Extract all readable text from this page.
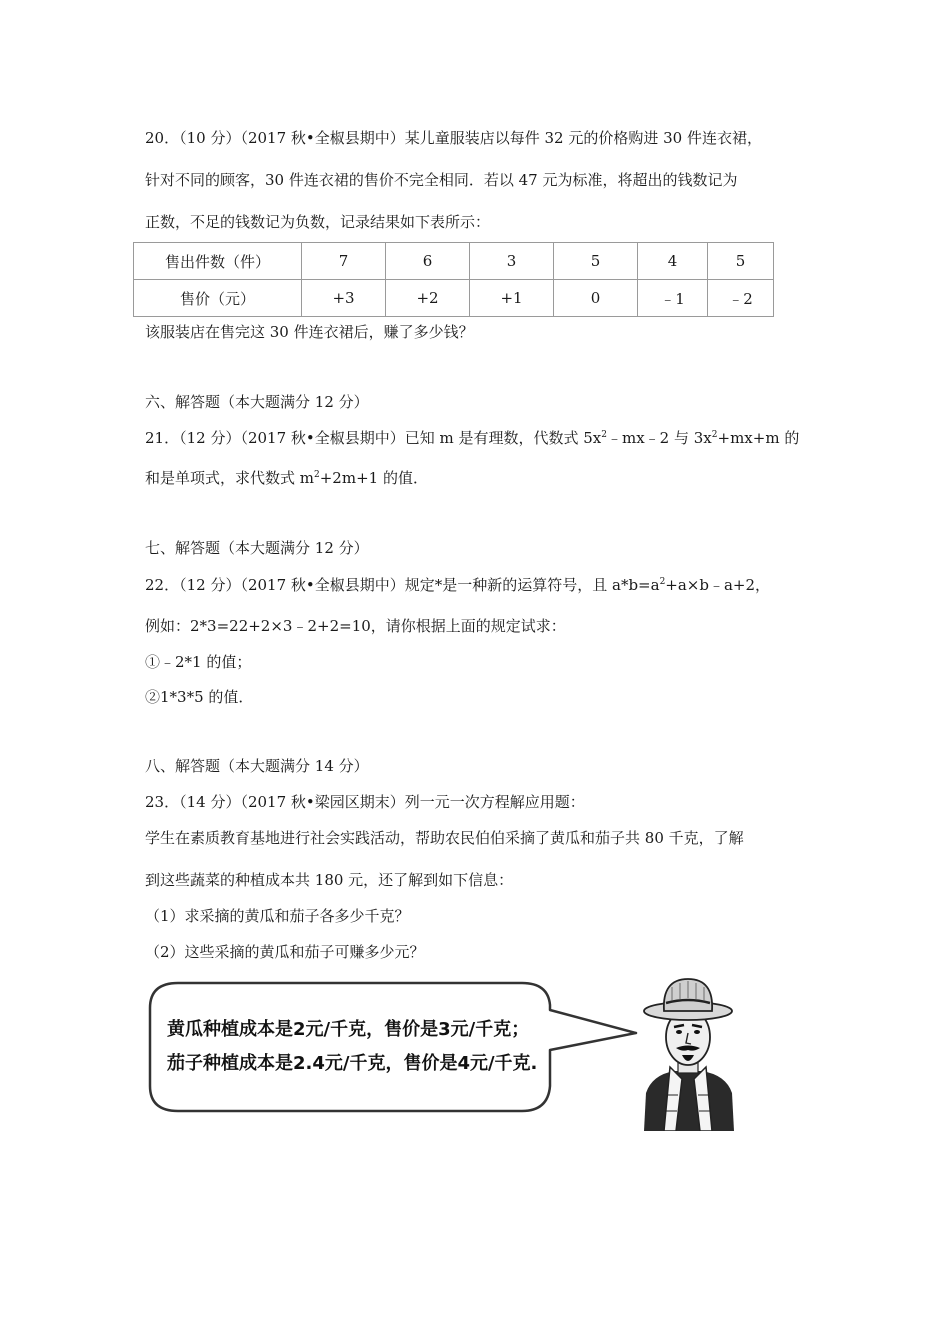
20．（10 分）（2017 秋•全椒县期中）某儿童服装店以每件 32 元的价格购进 30 件连衣裙，
针对不同的顾客，30 件连衣裙的售价不完全相同．若以 47 元为标准，将超出的钱数记为
正数，不足的钱数记为负数，记录结果如下表所示：
售出件数（件）	7	6	3	5	4	5
售价（元）	+3	+2	+1	0	﹣1	﹣2
该服装店在售完这 30 件连衣裙后，赚了多少钱？
六、解答题（本大题满分 12 分）
21．（12 分）（2017 秋•全椒县期中）已知 m 是有理数，代数式 $5x^2﹣mx﹣2$ 与 $3x^2+mx+m$ 的
和是单项式，求代数式 $m^2+2m+1$ 的值．
七、解答题（本大题满分 12 分）
22．（12 分）（2017 秋•全椒县期中）规定*是一种新的运算符号，且 $a*b=a^2+a\times b﹣a+2$，
例如：2*3=22+2×3﹣2+2=10，请你根据上面的规定试求：
①﹣2*1 的值；
②1*3*5 的值．
八、解答题（本大题满分 14 分）
23．（14 分）（2017 秋•梁园区期末）列一元一次方程解应用题：
学生在素质教育基地进行社会实践活动，帮助农民伯伯采摘了黄瓜和茄子共 80 千克，了解
到这些蔬菜的种植成本共 180 元，还了解到如下信息：
（1）求采摘的黄瓜和茄子各多少千克？
（2）这些采摘的黄瓜和茄子可赚多少元？
黄瓜种植成本是2元/千克，售价是3元/千克；
茄子种植成本是2.4元/千克，售价是4元/千克.
